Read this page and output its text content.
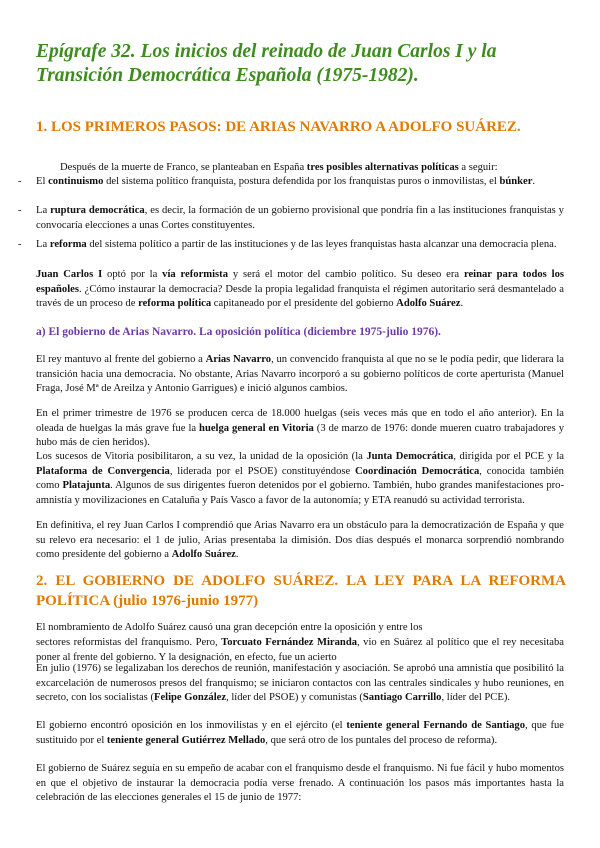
Epígrafe 32. Los inicios del reinado de Juan Carlos I y la Transición Democrática Española (1975-1982).
1. LOS PRIMEROS PASOS: DE ARIAS NAVARRO A ADOLFO SUÁREZ.

Después de la muerte de Franco, se planteaban en España tres posibles alternativas políticas a seguir:

- El continuismo del sistema político franquista, postura defendida por los franquistas puros o inmovilistas, el búnker.

- La ruptura democrática, es decir, la formación de un gobierno provisional que pondría fin a las instituciones franquistas y convocaría elecciones a unas Cortes constituyentes.

- La reforma del sistema político a partir de las instituciones y de las leyes franquistas hasta alcanzar una democracia plena.

Juan Carlos I optó por la vía reformista y será el motor del cambio político. Su deseo era reinar para todos los españoles. ¿Cómo instaurar la democracia? Desde la propia legalidad franquista el régimen autoritario será desmantelado a través de un proceso de reforma política capitaneado por el presidente del gobierno Adolfo Suárez.

a) El gobierno de Arias Navarro. La oposición política (diciembre 1975-julio 1976).

El rey mantuvo al frente del gobierno a Arias Navarro, un convencido franquista al que no se le podía pedir, que liderara la transición hacia una democracia. No obstante, Arias Navarro incorporó a su gobierno políticos de corte aperturista (Manuel Fraga, José Mª de Areilza y Antonio Garrigues) e inició algunos cambios.

En el primer trimestre de 1976 se producen cerca de 18.000 huelgas (seis veces más que en todo el año anterior). En la oleada de huelgas la más grave fue la huelga general en Vitoria (3 de marzo de 1976: donde mueren cuatro trabajadores y hubo más de cien heridos).

Los sucesos de Vitoria posibilitaron, a su vez, la unidad de la oposición (la Junta Democrática, dirigida por el PCE y la Plataforma de Convergencia, liderada por el PSOE) constituyéndose Coordinación Democrática, conocida también como Platajunta. Algunos de sus dirigentes fueron detenidos por el gobierno. También, hubo grandes manifestaciones pro-amnistía y movilizaciones en Cataluña y País Vasco a favor de la autonomía; y ETA reanudó su actividad terrorista.

En definitiva, el rey Juan Carlos I comprendió que Arias Navarro era un obstáculo para la democratización de España y que su relevo era necesario: el 1 de julio, Arias presentaba la dimisión. Dos días después el monarca sorprendió nombrando como presidente del gobierno a Adolfo Suárez.

2. EL GOBIERNO DE ADOLFO SUÁREZ. LA LEY PARA LA REFORMA POLÍTICA (julio 1976-junio 1977)

El nombramiento de Adolfo Suárez causó una gran decepción entre la oposición y entre los

sectores reformistas del franquismo. Pero, Torcuato Fernández Miranda, vio en Suárez al político que el rey necesitaba poner al frente del gobierno. Y la designación, en efecto, fue un acierto

En julio (1976) se legalizaban los derechos de reunión, manifestación y asociación. Se aprobó una amnistía que posibilitó la excarcelación de numerosos presos del franquismo; se iniciaron contactos con las centrales sindicales y hubo reuniones, en secreto, con los socialistas (Felipe González, líder del PSOE) y comunistas (Santiago Carrillo, líder del PCE).

El gobierno encontró oposición en los inmovilistas y en el ejército (el teniente general Fernando de Santiago, que fue sustituido por el teniente general Gutiérrez Mellado, que será otro de los puntales del proceso de reforma).

El gobierno de Suárez seguía en su empeño de acabar con el franquismo desde el franquismo. Ni fue fácil y hubo momentos en que el objetivo de instaurar la democracia podía verse frenado. A continuación los pasos más importantes hasta la celebración de las elecciones generales el 15 de junio de 1977:
